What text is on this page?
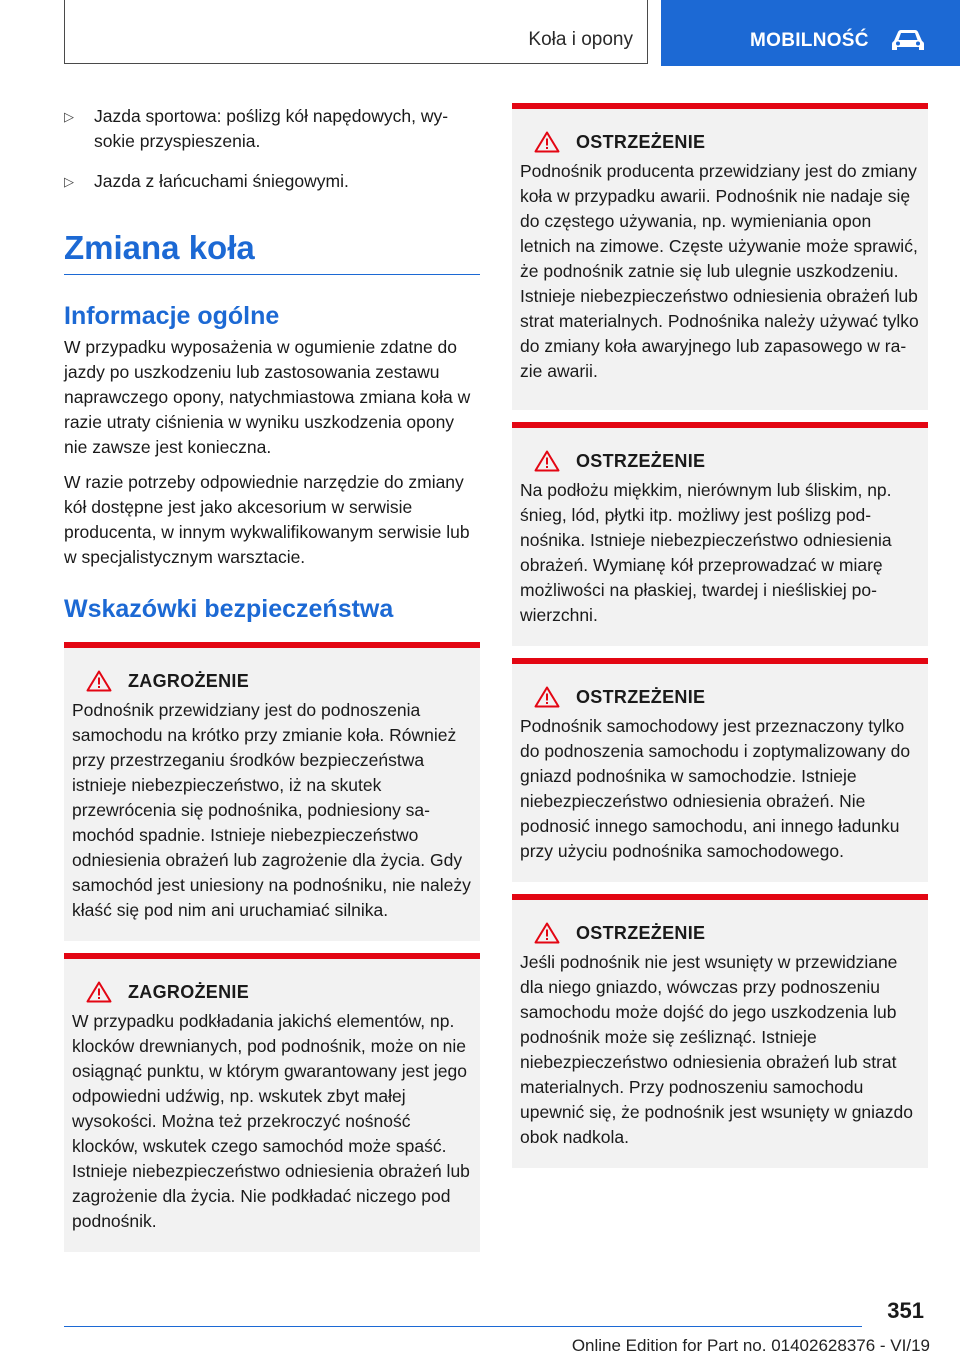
Koła i opony	MOBILNOŚĆ
▷ Jazda sportowa: poślizg kół napędowych, wysokie przyspieszenia.
▷ Jazda z łańcuchami śniegowymi.
Zmiana koła
Informacje ogólne

W przypadku wyposażenia w ogumienie zdatne do jazdy po uszkodzeniu lub zastosowania zestawu naprawczego opony, natychmiastowa zmiana koła w razie utraty ciśnienia w wyniku uszkodzenia opony nie zawsze jest konieczna.

W razie potrzeby odpowiednie narzędzie do zmiany kół dostępne jest jako akcesorium w serwisie producenta, w innym wykwalifikowanym serwisie lub w specjalistycznym warsztacie.

Wskazówki bezpieczeństwa
ZAGROŻENIE

Podnośnik przewidziany jest do podnoszenia samochodu na krótko przy zmianie koła. Również przy przestrzeganiu środków bezpieczeństwa istnieje niebezpieczeństwo, iż na skutek przewrócenia się podnośnika, podniesiony samochód spadnie. Istnieje niebezpieczeństwo odniesienia obrażeń lub zagrożenie dla życia. Gdy samochód jest uniesiony na podnośniku, nie należy kłaść się pod nim ani uruchamiać silnika.

ZAGROŻENIE

W przypadku podkładania jakichś elementów, np. klocków drewnianych, pod podnośnik, może on nie osiągnąć punktu, w którym gwarantowany jest jego odpowiedni udźwig, np. wskutek zbyt małej wysokości. Można też przekroczyć nośność klocków, wskutek czego samochód może spaść. Istnieje niebezpieczeństwo odniesienia obrażeń lub zagrożenie dla życia. Nie podkładać niczego pod podnośnik.

OSTRZEŻENIE

Podnośnik producenta przewidziany jest do zmiany koła w przypadku awarii. Podnośnik nie nadaje się do częstego używania, np. wymieniania opon letnich na zimowe. Częste używanie może sprawić, że podnośnik zatnie się lub ulegnie uszkodzeniu. Istnieje niebezpieczeństwo odniesienia obrażeń lub strat materialnych. Podnośnika należy używać tylko do zmiany koła awaryjnego lub zapasowego w razie awarii.

OSTRZEŻENIE

Na podłożu miękkim, nierównym lub śliskim, np. śnieg, lód, płytki itp. możliwy jest poślizg podnośnika. Istnieje niebezpieczeństwo odniesienia obrażeń. Wymianę kół przeprowadzać w miarę możliwości na płaskiej, twardej i nieśliskiej powierzchni.

OSTRZEŻENIE

Podnośnik samochodowy jest przeznaczony tylko do podnoszenia samochodu i zoptymalizowany do gniazd podnośnika w samochodzie. Istnieje niebezpieczeństwo odniesienia obrażeń. Nie podnosić innego samochodu, ani innego ładunku przy użyciu podnośnika samochodowego.

OSTRZEŻENIE

Jeśli podnośnik nie jest wsunięty w przewidziane dla niego gniazdo, wówczas przy podnoszeniu samochodu może dojść do jego uszkodzenia lub podnośnik może się ześliznąć. Istnieje niebezpieczeństwo odniesienia obrażeń lub strat materialnych. Przy podnoszeniu samochodu upewnić się, że podnośnik jest wsunięty w gniazdo obok nadkola.

351
Online Edition for Part no. 01402628376 - VI/19
